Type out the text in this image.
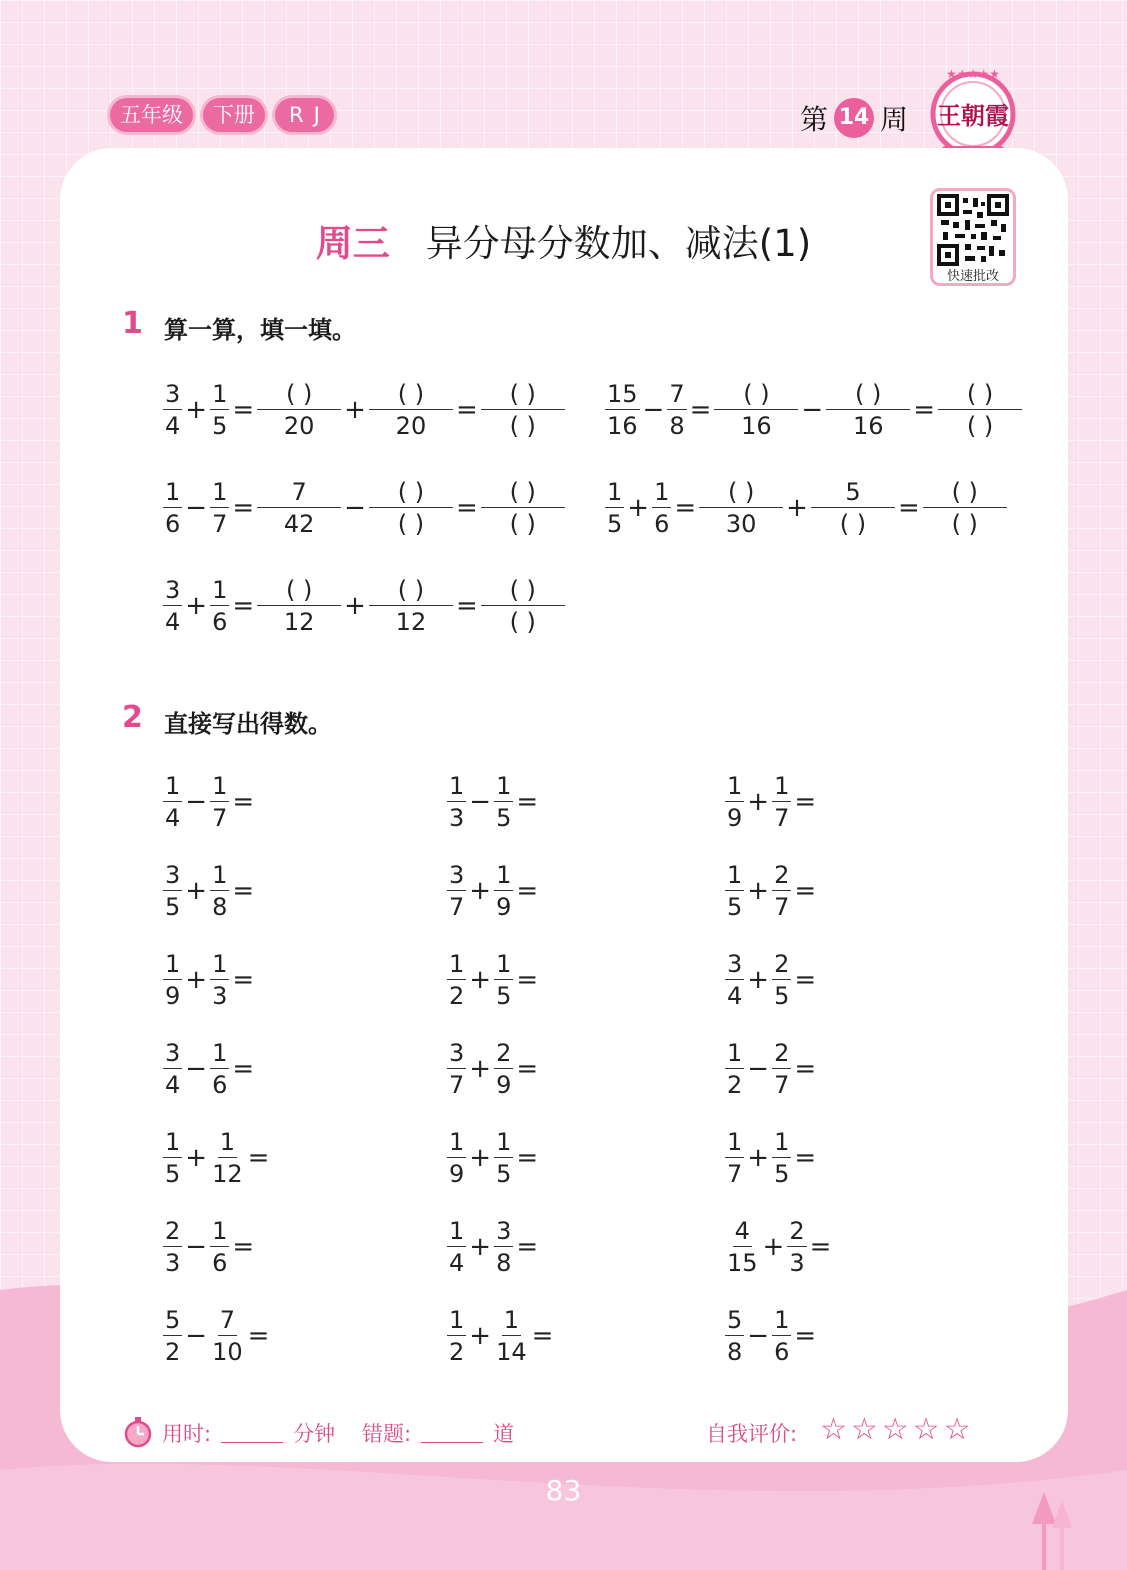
五年级	下册	RJ	第 14 周
★★★★★
王朝霞
快速批改
周三 异分母分数加、减法(1)
1 算一算，填一填。
$\frac{3}{4} + \frac{1}{5} = \frac{( )}{20} + \frac{( )}{20} = \frac{( )}{( )} \frac{15}{16} - \frac{7}{8} = \frac{( )}{16} - \frac{( )}{16} = \frac{( )}{( )}$
$\frac{1}{6} - \frac{1}{7} = \frac{7}{42} - \frac{( )}{( )} = \frac{( )}{( )} \frac{1}{5} + \frac{1}{6} = \frac{( )}{30} + \frac{5}{( )} = \frac{( )}{( )}$
$\frac{3}{4} + \frac{1}{6} = \frac{( )}{12} + \frac{( )}{12} = \frac{( )}{( )}$
2 直接写出得数。
$\frac{1}{4} - \frac{1}{7}$ =	$\frac{1}{3} - \frac{1}{5}$ =	$\frac{1}{9} + \frac{1}{7}$ =
$\frac{3}{5} + \frac{1}{8}$ =	$\frac{3}{7} + \frac{1}{9}$ =	$\frac{1}{5} + \frac{2}{7}$ =
$\frac{1}{9} + \frac{1}{3}$ =	$\frac{1}{2} + \frac{1}{5}$ =	$\frac{3}{4} + \frac{2}{5}$ =
$\frac{3}{4} - \frac{1}{6}$ =	$\frac{3}{7} + \frac{2}{9}$ =	$\frac{1}{2} - \frac{2}{7}$ =
$\frac{1}{5} + \frac{1}{12}$ =	$\frac{1}{9} + \frac{1}{5}$ =	$\frac{1}{7} + \frac{1}{5}$ =
$\frac{2}{3} - \frac{1}{6}$ =	$\frac{1}{4} + \frac{3}{8}$ =	$\frac{4}{15} + \frac{2}{3}$ =
$\frac{5}{2} - \frac{7}{10}$ =	$\frac{1}{2} + \frac{1}{14}$ =	$\frac{5}{8} - \frac{1}{6}$ =
用时:	分钟 错题:	道	自我评价: ☆☆☆☆☆
83
